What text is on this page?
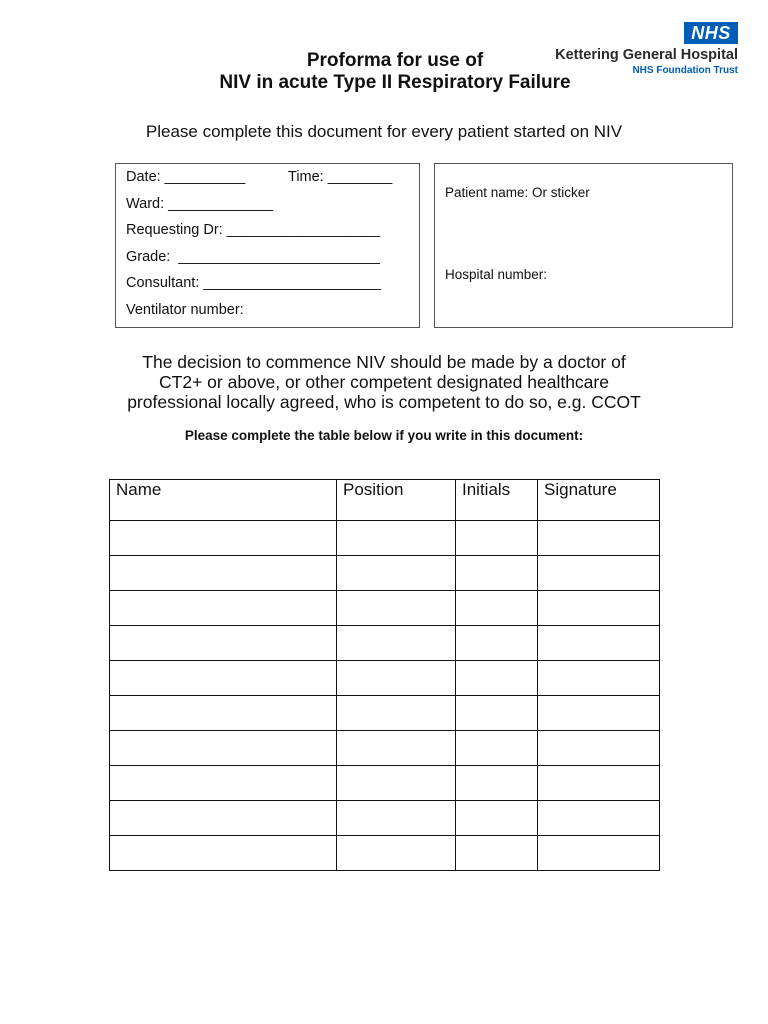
NHS
Kettering General Hospital
NHS Foundation Trust
Proforma for use of
NIV in acute Type II Respiratory Failure
Please complete this document for every patient started on NIV
Date: __________	Time: ________
Ward: _____________
Requesting Dr: ___________________
Grade:  _________________________
Consultant: ______________________
Ventilator number:
Patient name: Or sticker
Hospital number:
The decision to commence NIV should be made by a doctor of
CT2+ or above, or other competent designated healthcare
professional locally agreed, who is competent to do so, e.g. CCOT
Please complete the table below if you write in this document:
Name	Position	Initials	Signature
